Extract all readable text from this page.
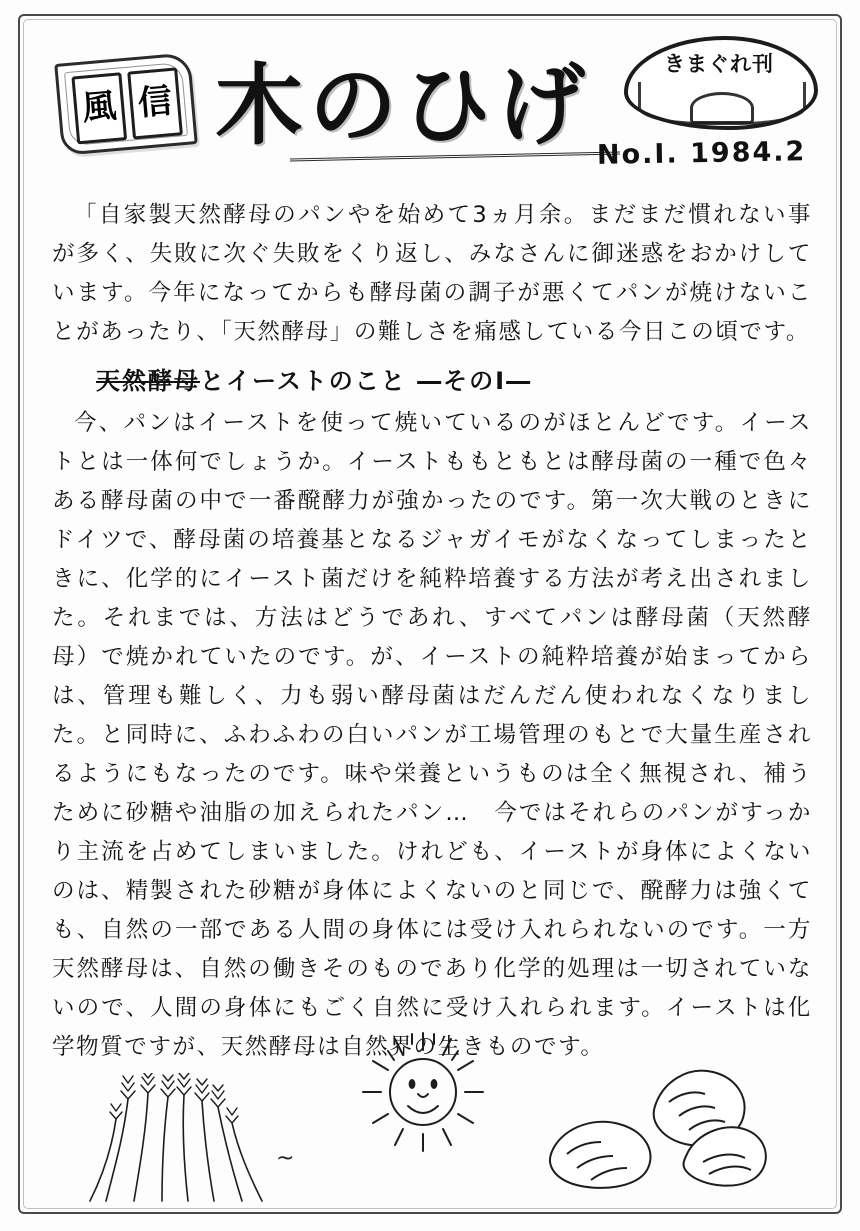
風 信 木のひげ	きまぐれ刊
No.I. 1984.2

「自家製天然酵母のパンやを始めて3ヵ月余。まだまだ慣れない事が多く、失敗に次ぐ失敗をくり返し、みなさんに御迷惑をおかけしています。今年になってからも酵母菌の調子が悪くてパンが焼けないことがあったり、「天然酵母」の難しさを痛感している今日この頃です。

天然酵母とイーストのこと ―そのI―

今、パンはイーストを使って焼いているのがほとんどです。イーストとは一体何でしょうか。イーストももともとは酵母菌の一種で色々ある酵母菌の中で一番醗酵力が強かったのです。第一次大戦のときにドイツで、酵母菌の培養基となるジャガイモがなくなってしまったときに、化学的にイースト菌だけを純粋培養する方法が考え出されました。それまでは、方法はどうであれ、すべてパンは酵母菌（天然酵母）で焼かれていたのです。が、イーストの純粋培養が始まってからは、管理も難しく、力も弱い酵母菌はだんだん使われなくなりました。と同時に、ふわふわの白いパンが工場管理のもとで大量生産されるようにもなったのです。味や栄養というものは全く無視され、補うために砂糖や油脂の加えられたパン…　今ではそれらのパンがすっかり主流を占めてしまいました。けれども、イーストが身体によくないのは、精製された砂糖が身体によくないのと同じで、醗酵力は強くても、自然の一部である人間の身体には受け入れられないのです。一方天然酵母は、自然の働きそのものであり化学的処理は一切されていないので、人間の身体にもごく自然に受け入れられます。イーストは化学物質ですが、天然酵母は自然界の生きものです。

~
